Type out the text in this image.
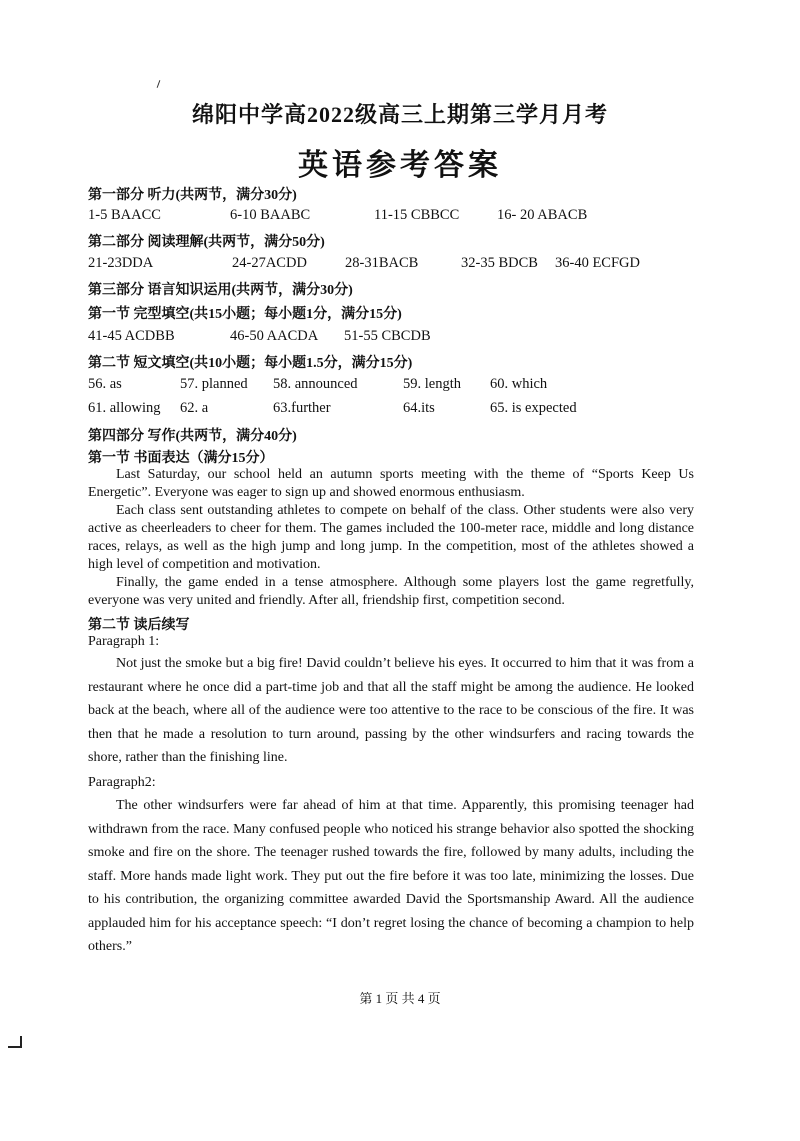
绵阳中学高2022级高三上期第三学月月考
英语参考答案
第一部分 听力(共两节，满分30分)
1-5 BAACC	6-10 BAABC	11-15 CBBCC	16- 20 ABACB
第二部分 阅读理解(共两节，满分50分)
21-23DDA	24-27ACDD	28-31BACB	32-35 BDCB 36-40 ECFGD
第三部分 语言知识运用(共两节，满分30分)
第一节 完型填空(共15小题；每小题1分，满分15分)
41-45 ACDBB	46-50 AACDA 51-55 CBCDB
第二节 短文填空(共10小题；每小题1.5分，满分15分)
56. as	57. planned 58. announced	59. length 60. which
61. allowing 62. a	63.further	64.its	65. is expected
第四部分 写作(共两节，满分40分)
第一节 书面表达（满分15分）

Last Saturday, our school held an autumn sports meeting with the theme of “Sports Keep Us Energetic”. Everyone was eager to sign up and showed enormous enthusiasm.

Each class sent outstanding athletes to compete on behalf of the class. Other students were also very active as cheerleaders to cheer for them. The games included the 100-meter race, middle and long distance races, relays, as well as the high jump and long jump. In the competition, most of the athletes showed a high level of competition and motivation.

Finally, the game ended in a tense atmosphere. Although some players lost the game regretfully, everyone was very united and friendly. After all, friendship first, competition second.

第二节 读后续写
Paragraph 1:

Not just the smoke but a big fire! David couldn’t believe his eyes. It occurred to him that it was from a restaurant where he once did a part-time job and that all the staff might be among the audience. He looked back at the beach, where all of the audience were too attentive to the race to be conscious of the fire. It was then that he made a resolution to turn around, passing by the other windsurfers and racing towards the shore, rather than the finishing line.

Paragraph2:

The other windsurfers were far ahead of him at that time. Apparently, this promising teenager had withdrawn from the race. Many confused people who noticed his strange behavior also spotted the shocking smoke and fire on the shore. The teenager rushed towards the fire, followed by many adults, including the staff. More hands made light work. They put out the fire before it was too late, minimizing the losses. Due to his contribution, the organizing committee awarded David the Sportsmanship Award. All the audience applauded him for his acceptance speech: “I don’t regret losing the chance of becoming a champion to help others.”

第 1 页 共 4 页
